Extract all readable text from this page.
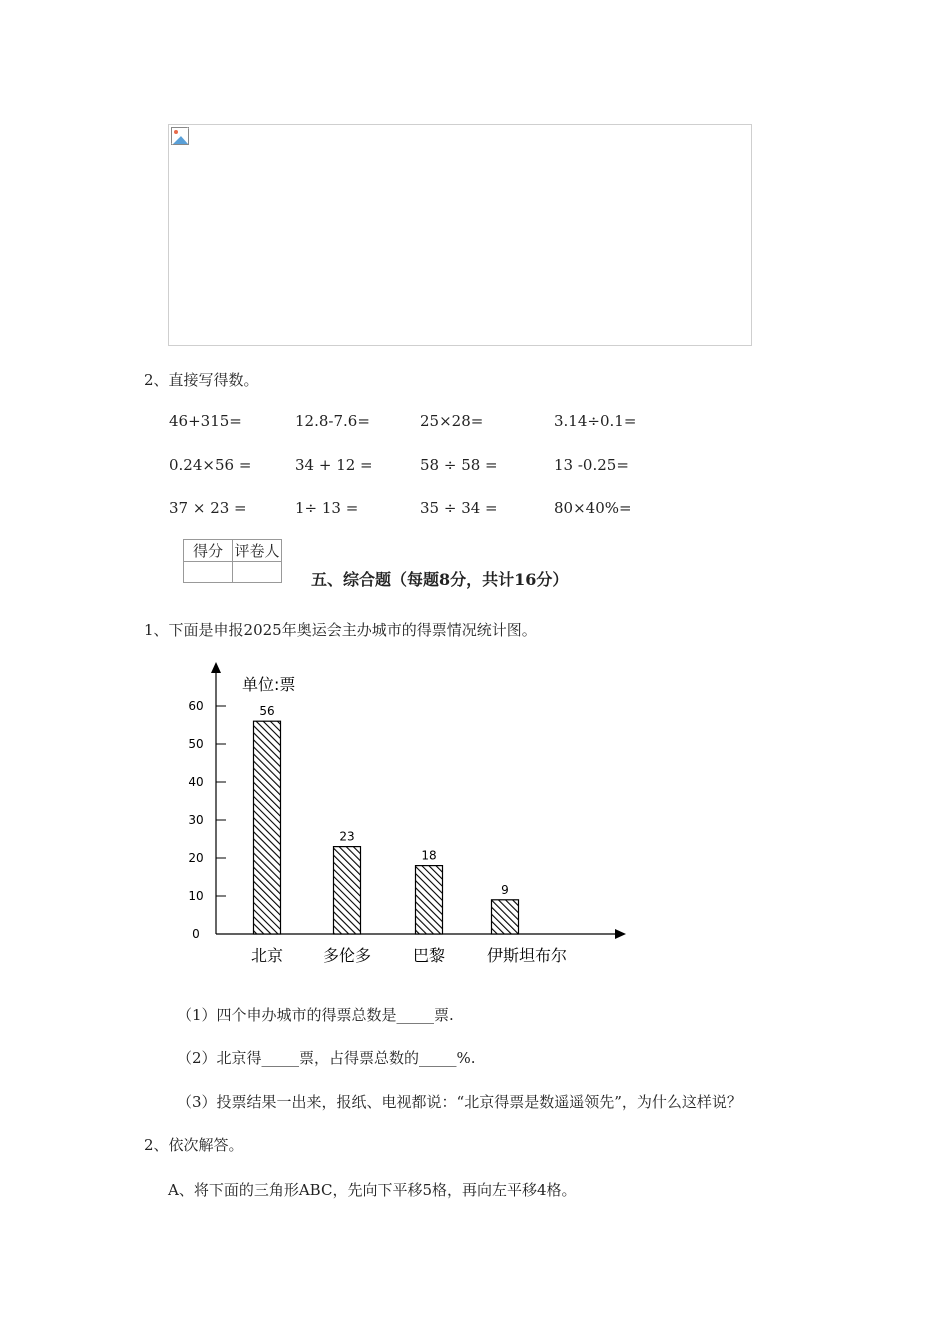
2、直接写得数。
46+315=	12.8-7.6=	25×28=	3.14÷0.1=
0.24×56 =	34 + 12 =	58 ÷ 58 =	13 -0.25=
37 × 23 =	1÷ 13 =	35 ÷ 34 =	80×40%=
得分	评卷人

五、综合题（每题8分，共计16分）
1、下面是申报2025年奥运会主办城市的得票情况统计图。
单位:票
0
10
20
30
40
50
60	56
23
18
9
北京 多伦多	巴黎	伊斯坦布尔
（1）四个申办城市的得票总数是_____票.
（2）北京得_____票，占得票总数的_____%.
（3）投票结果一出来，报纸、电视都说：“北京得票是数遥遥领先”，为什么这样说？
2、依次解答。
A、将下面的三角形ABC，先向下平移5格，再向左平移4格。
